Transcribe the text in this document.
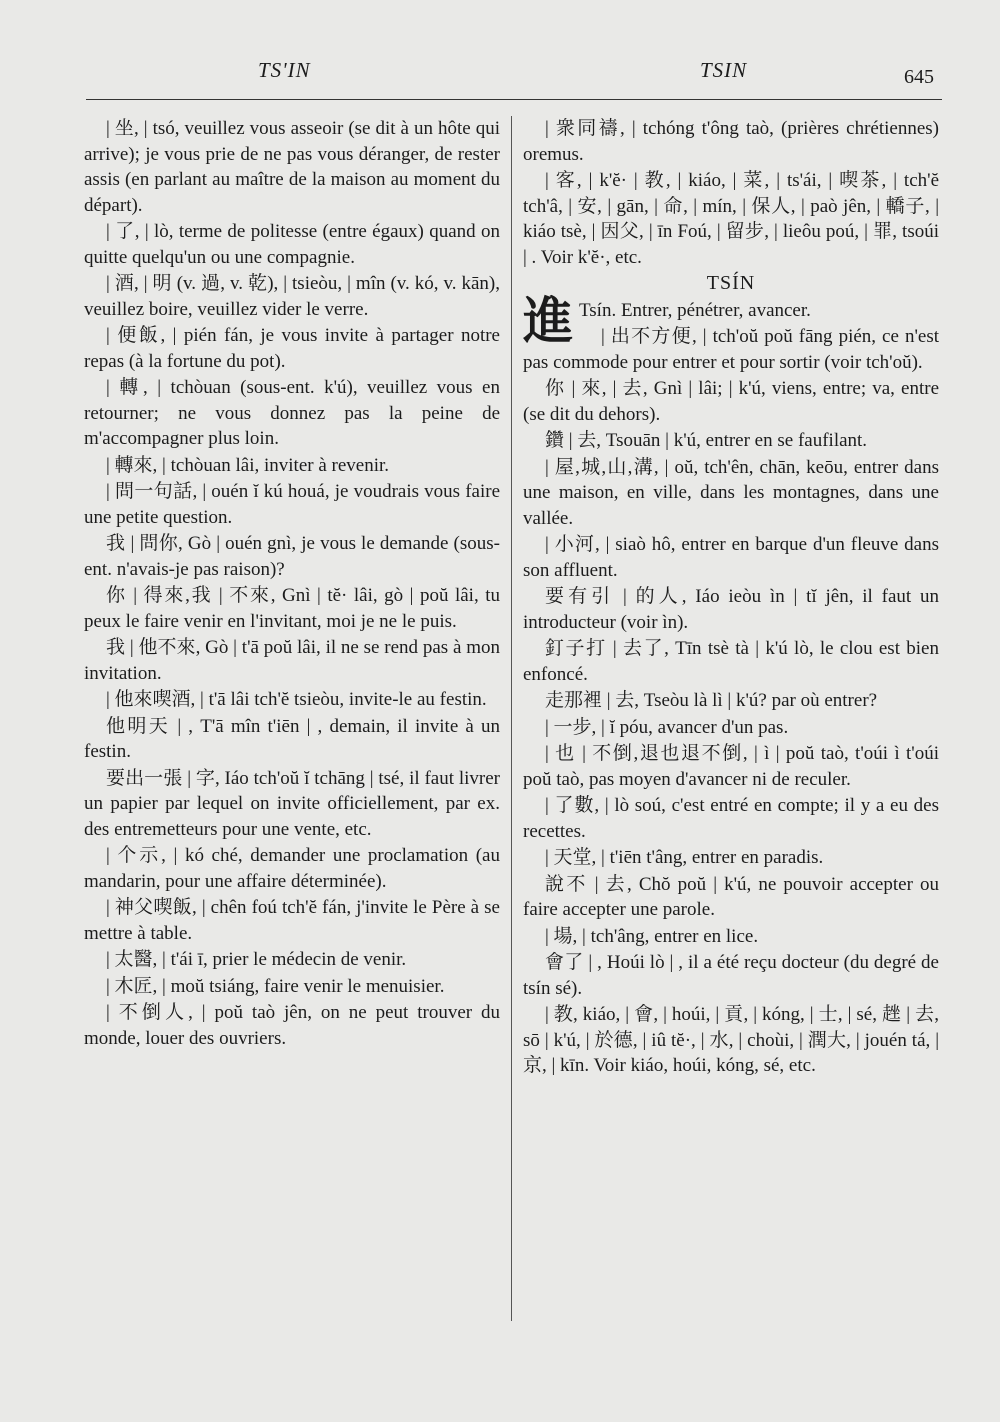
TS'IN	TSIN	645

| 坐, | tsó, veuillez vous asseoir (se dit à un hôte qui arrive); je vous prie de ne pas vous déranger, de rester assis (en parlant au maître de la maison au moment du départ).

| 了, | lò, terme de politesse (entre égaux) quand on quitte quelqu'un ou une compagnie.

| 酒, | 明 (v. 過, v. 乾), | tsieòu, | mîn (v. kó, v. kān), veuillez boire, veuillez vider le verre.

| 便飯, | pién fán, je vous invite à partager notre repas (à la fortune du pot).

| 轉, | tchòuan (sous-ent. k'ú), veuillez vous en retourner; ne vous donnez pas la peine de m'accompagner plus loin.

| 轉來, | tchòuan lâi, inviter à revenir.

| 問一句話, | ouén ĭ kú houá, je voudrais vous faire une petite question.

我 | 問你, Gò | ouén gnì, je vous le demande (sous-ent. n'avais-je pas raison)?

你 | 得來,我 | 不來, Gnì | tĕ· lâi, gò | poŭ lâi, tu peux le faire venir en l'invitant, moi je ne le puis.

我 | 他不來, Gò | t'ā poŭ lâi, il ne se rend pas à mon invitation.

| 他來喫酒, | t'ā lâi tch'ĕ tsieòu, invite-le au festin.

他明天 | , T'ā mîn t'iēn | , demain, il invite à un festin.

要出一張 | 字, Iáo tch'oŭ ĭ tchāng | tsé, il faut livrer un papier par lequel on invite officiellement, par ex. des entremetteurs pour une vente, etc.

| 个示, | kó ché, demander une proclamation (au mandarin, pour une affaire déterminée).

| 神父喫飯, | chên foú tch'ĕ fán, j'invite le Père à se mettre à table.

| 太醫, | t'ái ī, prier le médecin de venir.

| 木匠, | moŭ tsiáng, faire venir le menuisier.

| 不倒人, | poŭ taò jên, on ne peut trouver du monde, louer des ouvriers.

| 衆同禱, | tchóng t'ông taò, (prières chrétiennes) oremus.

| 客, | k'ĕ· | 教, | kiáo, | 菜, | ts'ái, | 喫茶, | tch'ĕ tch'â, | 安, | gān, | 命, | mín, | 保人, | paò jên, | 轎子, | kiáo tsè, | 因父, | īn Foú, | 留步, | lieôu poú, | 罪, tsoúi | . Voir k'ĕ·, etc.

TSÍN

進 Tsín. Entrer, pénétrer, avancer.

| 出不方便, | tch'oŭ poŭ fāng pién, ce n'est pas commode pour entrer et pour sortir (voir tch'oŭ).

你 | 來, | 去, Gnì | lâi; | k'ú, viens, entre; va, entre (se dit du dehors).

鑽 | 去, Tsouān | k'ú, entrer en se faufilant.

| 屋,城,山,溝, | oŭ, tch'ên, chān, keōu, entrer dans une maison, en ville, dans les montagnes, dans une vallée.

| 小河, | siaò hô, entrer en barque d'un fleuve dans son affluent.

要有引 | 的人, Iáo ieòu ìn | tĭ jên, il faut un introducteur (voir ìn).

釘子打 | 去了, Tīn tsè tà | k'ú lò, le clou est bien enfoncé.

走那裡 | 去, Tseòu là lì | k'ú? par où entrer?

| 一步, | ĭ póu, avancer d'un pas.

| 也 | 不倒,退也退不倒, | ì | poŭ taò, t'oúi ì t'oúi poŭ taò, pas moyen d'avancer ni de reculer.

| 了數, | lò soú, c'est entré en compte; il y a eu des recettes.

| 天堂, | t'iēn t'âng, entrer en paradis.

說不 | 去, Chŏ poŭ | k'ú, ne pouvoir accepter ou faire accepter une parole.

| 場, | tch'âng, entrer en lice.

會了 | , Hoúi lò | , il a été reçu docteur (du degré de tsín sé).

| 教, kiáo, | 會, | hoúi, | 貢, | kóng, | 士, | sé, 趖 | 去, sō | k'ú, | 於德, | iû tĕ·, | 水, | choùi, | 潤大, | jouén tá, | 京, | kīn. Voir kiáo, hoúi, kóng, sé, etc.
